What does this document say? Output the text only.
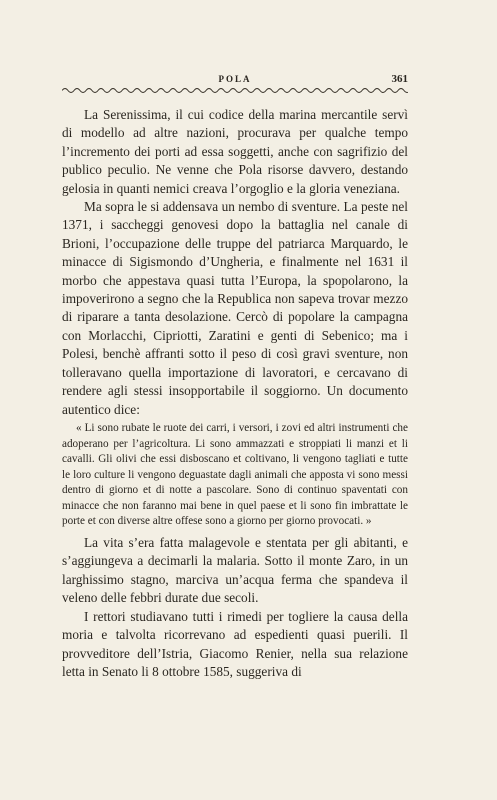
POLA	361

La Serenissima, il cui codice della marina mercantile servì di modello ad altre nazioni, procurava per qualche tempo l’incremento dei porti ad essa soggetti, anche con sagrifizio del publico peculio. Ne venne che Pola risorse davvero, destando gelosia in quanti nemici creava l’orgoglio e la gloria veneziana.

Ma sopra le si addensava un nembo di sventure. La peste nel 1371, i saccheggi genovesi dopo la battaglia nel canale di Brioni, l’occupazione delle truppe del patriarca Marquardo, le minacce di Sigismondo d’Ungheria, e finalmente nel 1631 il morbo che appestava quasi tutta l’Europa, la spopolarono, la impoverirono a segno che la Republica non sapeva trovar mezzo di riparare a tanta desolazione. Cercò di popolare la campagna con Morlacchi, Cipriotti, Zaratini e genti di Sebenico; ma i Polesi, benchè affranti sotto il peso di così gravi sventure, non tolleravano quella importazione di lavoratori, e cercavano di rendere agli stessi insopportabile il soggiorno. Un documento autentico dice:

« Li sono rubate le ruote dei carri, i versori, i zovi ed altri instrumenti che adoperano per l’agricoltura. Li sono ammazzati e stroppiati li manzi et li cavalli. Gli olivi che essi disboscano et coltivano, li vengono tagliati e tutte le loro culture li vengono deguastate dagli animali che apposta vi sono messi dentro di giorno et di notte a pascolare. Sono di continuo spaventati con minacce che non faranno mai bene in quel paese et li sono fin imbrattate le porte et con diverse altre offese sono a giorno per giorno provocati. »

La vita s’era fatta malagevole e stentata per gli abitanti, e s’aggiungeva a decimarli la malaria. Sotto il monte Zaro, in un larghissimo stagno, marciva un’acqua ferma che spandeva il veleno delle febbri durate due secoli.

I rettori studiavano tutti i rimedi per togliere la causa della moria e talvolta ricorrevano ad espedienti quasi puerili. Il provveditore dell’Istria, Giacomo Renier, nella sua relazione letta in Senato li 8 ottobre 1585, suggeriva di
